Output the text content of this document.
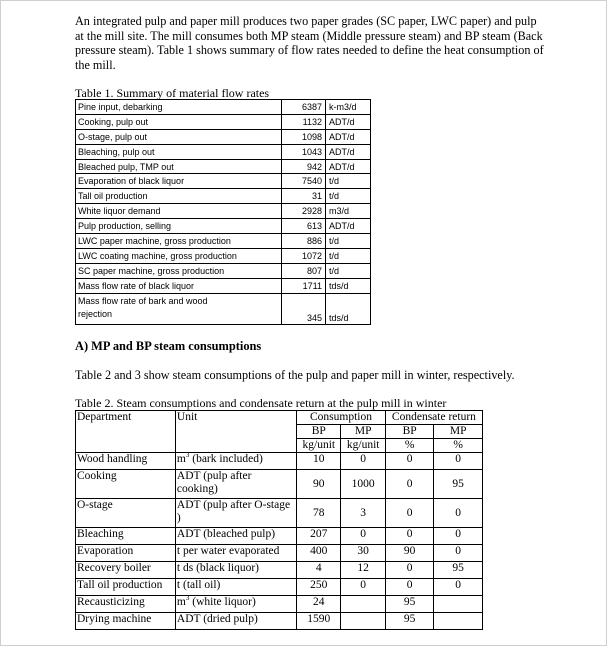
An integrated pulp and paper mill produces two paper grades (SC paper, LWC paper) and pulp at the mill site. The mill consumes both MP steam (Middle pressure steam) and BP steam (Back pressure steam). Table 1 shows summary of flow rates needed to define the heat consumption of the mill.

Table 1. Summary of material flow rates
Pine input, debarking	6387	k-m3/d
Cooking, pulp out	1132	ADT/d
O-stage, pulp out	1098	ADT/d
Bleaching, pulp out	1043	ADT/d
Bleached pulp, TMP out	942	ADT/d
Evaporation of black liquor	7540	t/d
Tall oil production	31	t/d
White liquor demand	2928	m3/d
Pulp production, selling	613	ADT/d
LWC paper machine, gross production	886	t/d
LWC coating machine, gross production	1072	t/d
SC paper machine, gross production	807	t/d
Mass flow rate of black liquor	1711	tds/d

Mass flow rate of bark and wood
rejection	345	tds/d
A) MP and BP steam consumptions

Table 2 and 3 show steam consumptions of the pulp and paper mill in winter, respectively.

Table 2. Steam consumptions and condensate return at the pulp mill in winter
Department	Unit	Consumption		Condensate return	
		BP	MP	BP	MP
		kg/unit	kg/unit	%	%
Wood handling	$m^3$ (bark included)	10	0	0	0
Cooking	ADT (pulp after cooking)	90	1000	0	95
O-stage	ADT (pulp after O-stage )	78	3	0	0
Bleaching	ADT (bleached pulp)	207	0	0	0
Evaporation	t per water evaporated	400	30	90	0
Recovery boiler	t ds (black liquor)	4	12	0	95
Tall oil production	t (tall oil)	250	0	0	0
Recausticizing	$m^3$ (white liquor)	24		95	
Drying machine	ADT (dried pulp)	1590		95	
